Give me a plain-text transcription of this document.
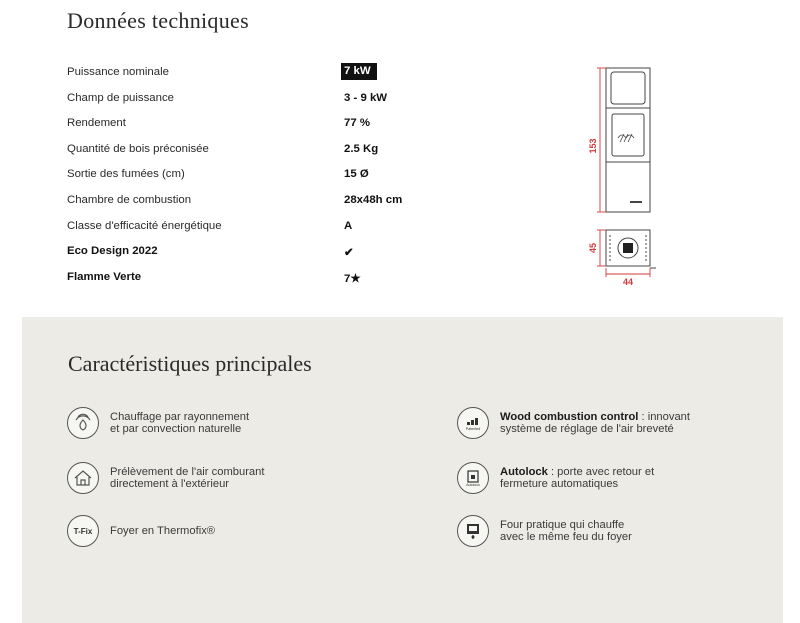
Données techniques
Puissance nominale	7 kW
Champ de puissance	3 - 9 kW
Rendement	77 %
Quantité de bois préconisée	2.5 Kg
Sortie des fumées (cm)	15 Ø
Chambre de combustion	28x48h cm
Classe d'efficacité énergétique	A
Eco Design 2022	✔
Flamme Verte	7★
153
45
44
Caractéristiques principales
Chauffage par rayonnement
et par convection naturelle
Prélèvement de l'air comburant
directement à l'extérieur
T-Fix Foyer en Thermofix®
Patented
Wood combustion control : innovant
système de réglage de l'air breveté
Autolock
Autolock : porte avec retour et
fermeture automatiques
Four pratique qui chauffe
avec le même feu du foyer
